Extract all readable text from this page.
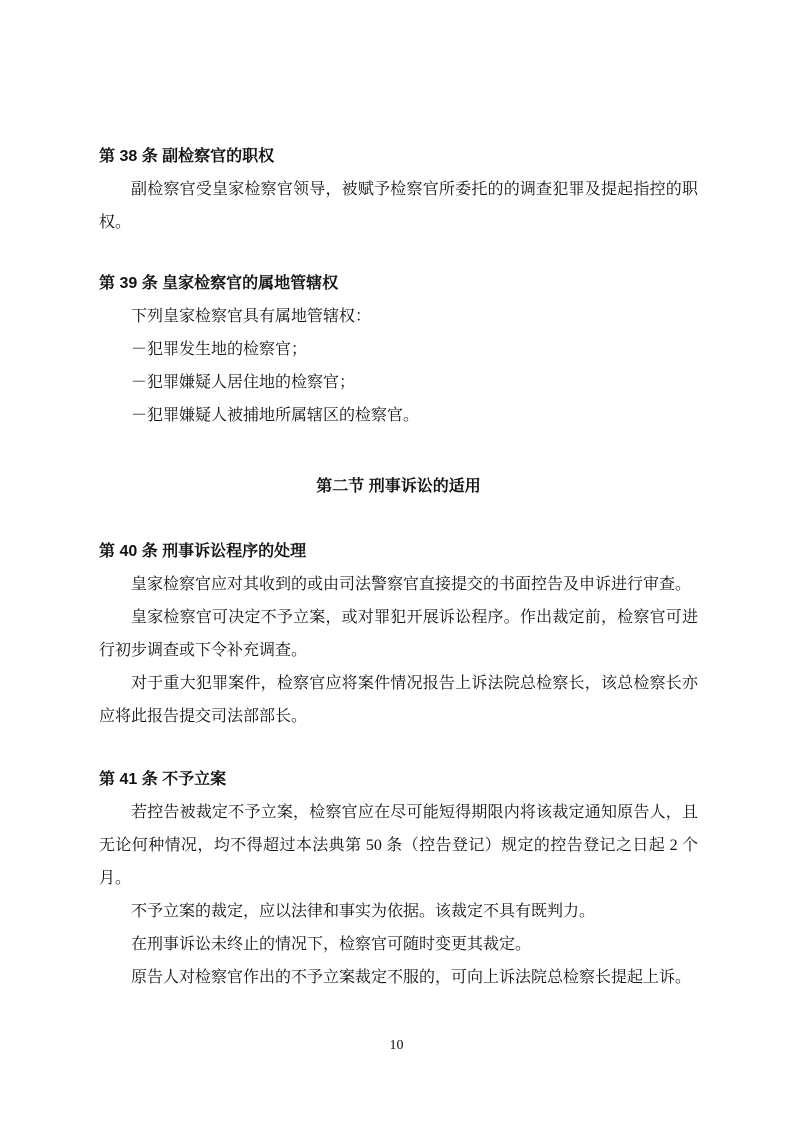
第 38 条 副检察官的职权

副检察官受皇家检察官领导，被赋予检察官所委托的的调查犯罪及提起指控的职权。

第 39 条 皇家检察官的属地管辖权

下列皇家检察官具有属地管辖权：

－犯罪发生地的检察官；
－犯罪嫌疑人居住地的检察官；
－犯罪嫌疑人被捕地所属辖区的检察官。
第二节 刑事诉讼的适用
第 40 条 刑事诉讼程序的处理

皇家检察官应对其收到的或由司法警察官直接提交的书面控告及申诉进行审查。

皇家检察官可决定不予立案，或对罪犯开展诉讼程序。作出裁定前，检察官可进行初步调查或下令补充调查。

对于重大犯罪案件，检察官应将案件情况报告上诉法院总检察长，该总检察长亦应将此报告提交司法部部长。

第 41 条 不予立案

若控告被裁定不予立案，检察官应在尽可能短得期限内将该裁定通知原告人，且无论何种情况，均不得超过本法典第 50 条（控告登记）规定的控告登记之日起 2 个月。

不予立案的裁定，应以法律和事实为依据。该裁定不具有既判力。

在刑事诉讼未终止的情况下，检察官可随时变更其裁定。

原告人对检察官作出的不予立案裁定不服的，可向上诉法院总检察长提起上诉。

10
